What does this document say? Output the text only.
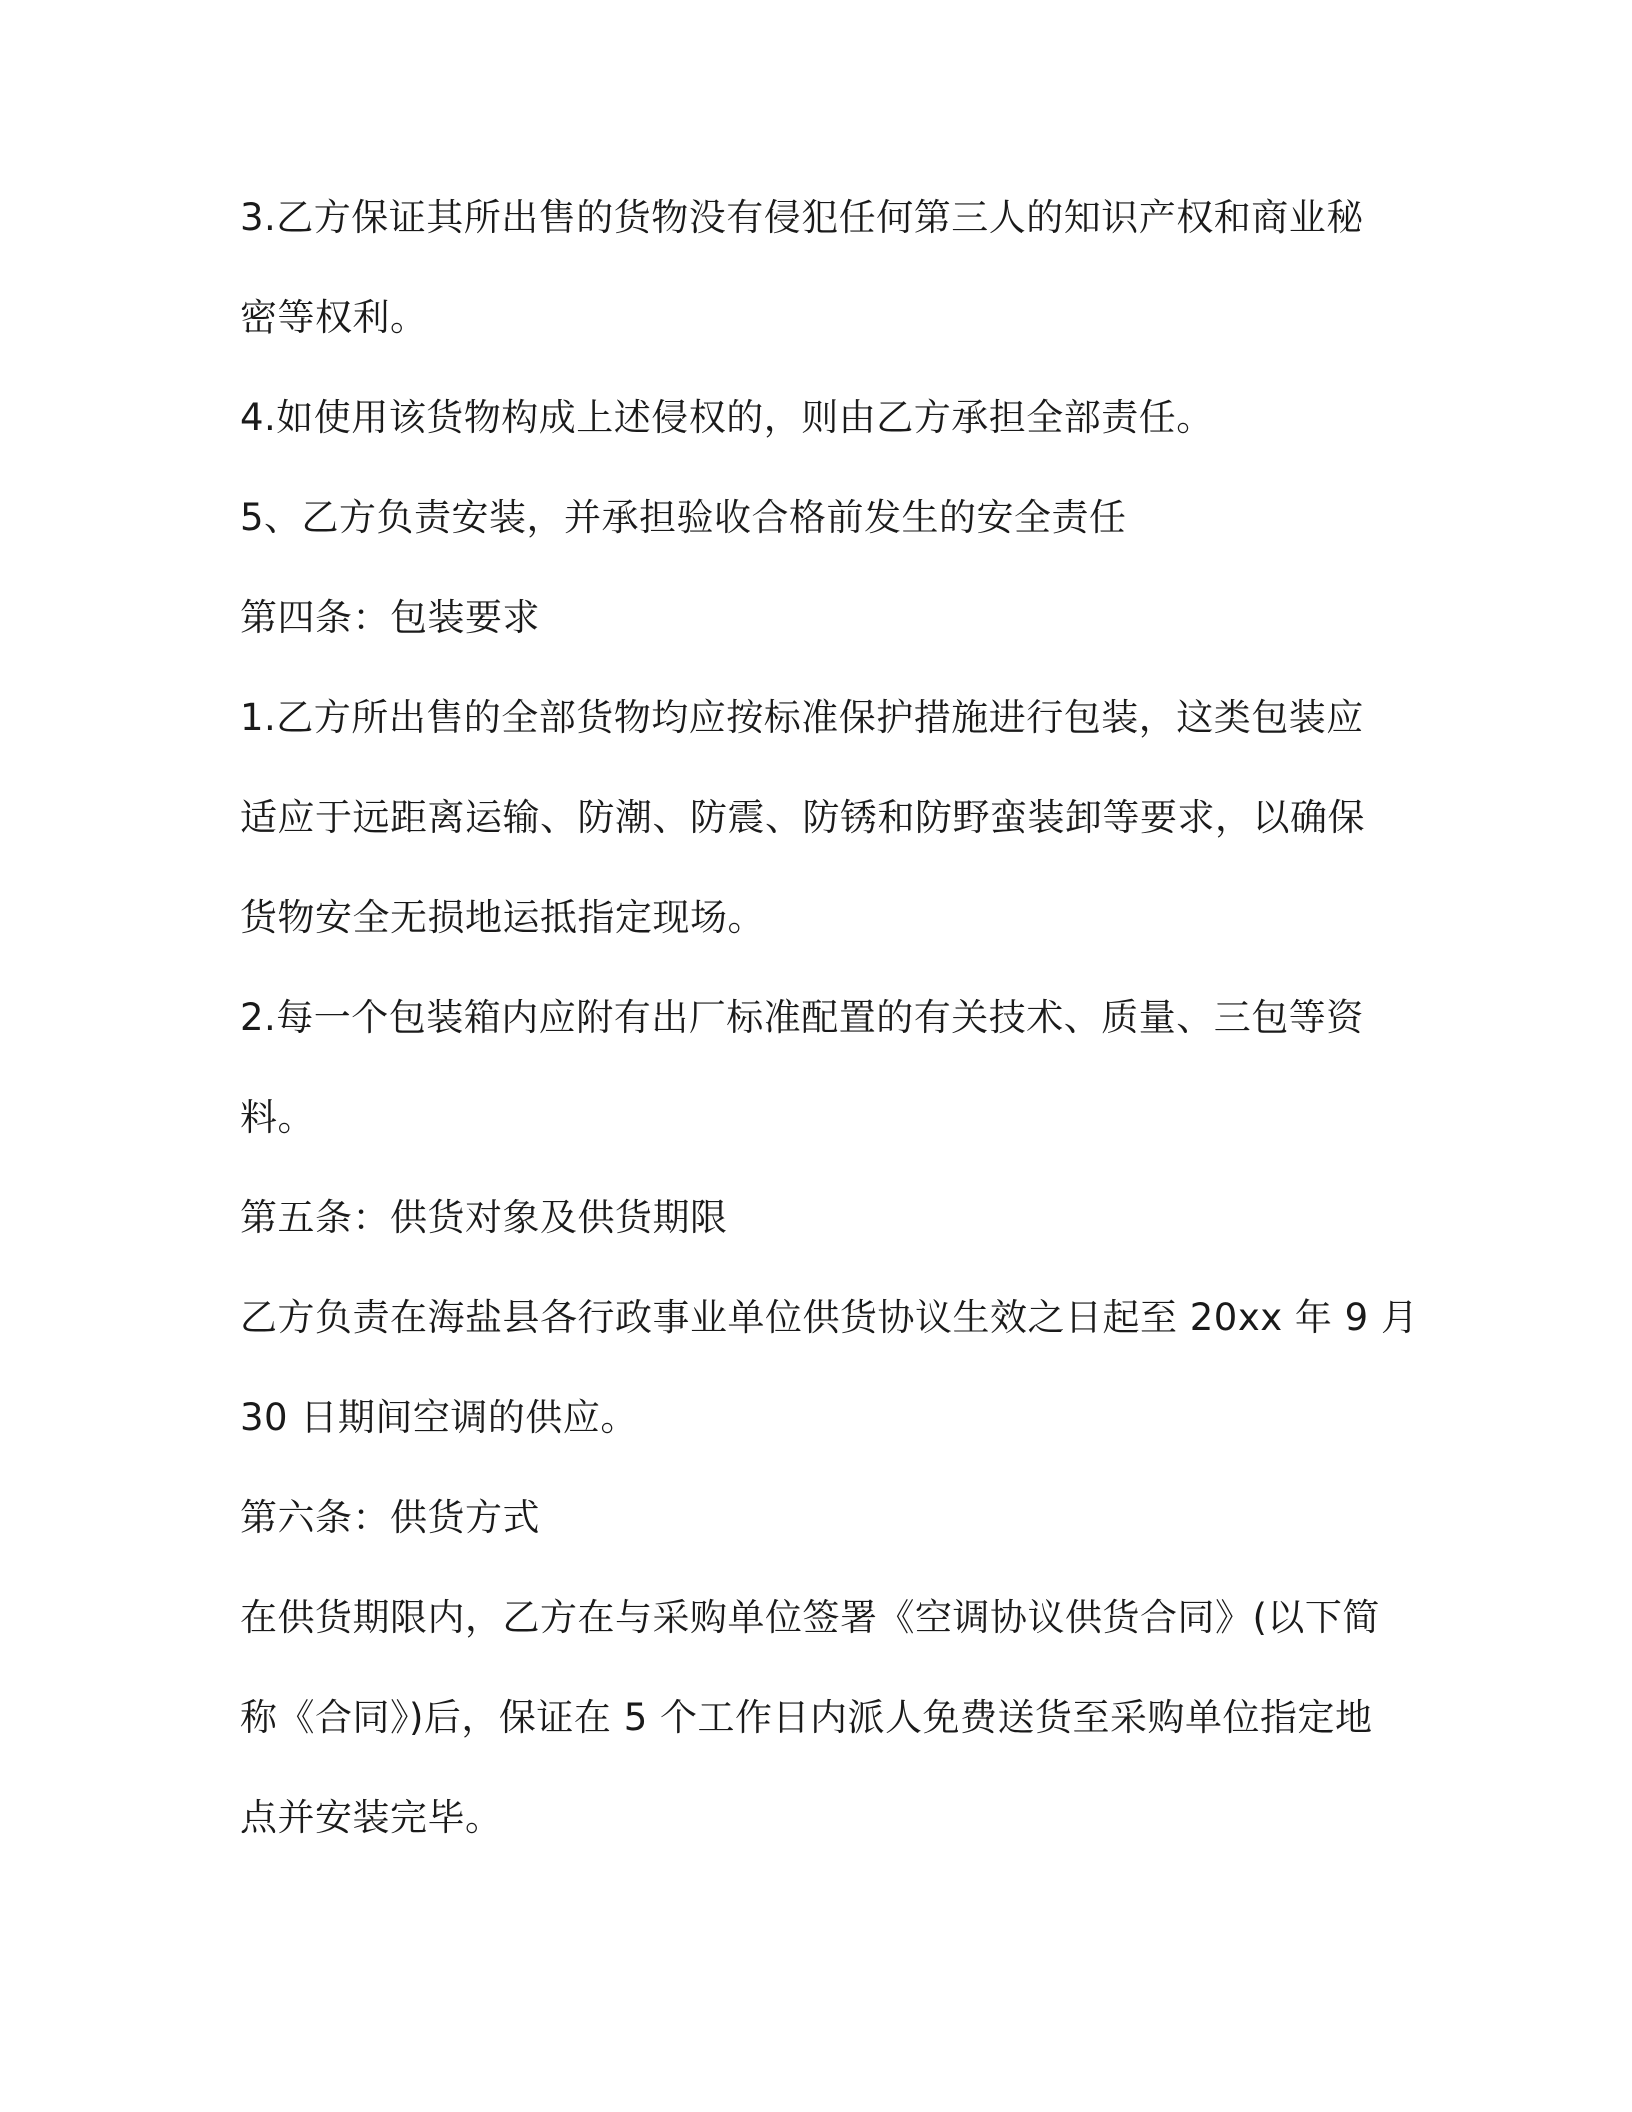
3.乙方保证其所出售的货物没有侵犯任何第三人的知识产权和商业秘
密等权利。
4.如使用该货物构成上述侵权的，则由乙方承担全部责任。
5、乙方负责安装，并承担验收合格前发生的安全责任
第四条：包装要求
1.乙方所出售的全部货物均应按标准保护措施进行包装，这类包装应
适应于远距离运输、防潮、防震、防锈和防野蛮装卸等要求，以确保
货物安全无损地运抵指定现场。
2.每一个包装箱内应附有出厂标准配置的有关技术、质量、三包等资
料。
第五条：供货对象及供货期限
乙方负责在海盐县各行政事业单位供货协议生效之日起至 20xx 年 9 月
30 日期间空调的供应。
第六条：供货方式
在供货期限内，乙方在与采购单位签署《空调协议供货合同》(以下简
称《合同》)后，保证在 5 个工作日内派人免费送货至采购单位指定地
点并安装完毕。
